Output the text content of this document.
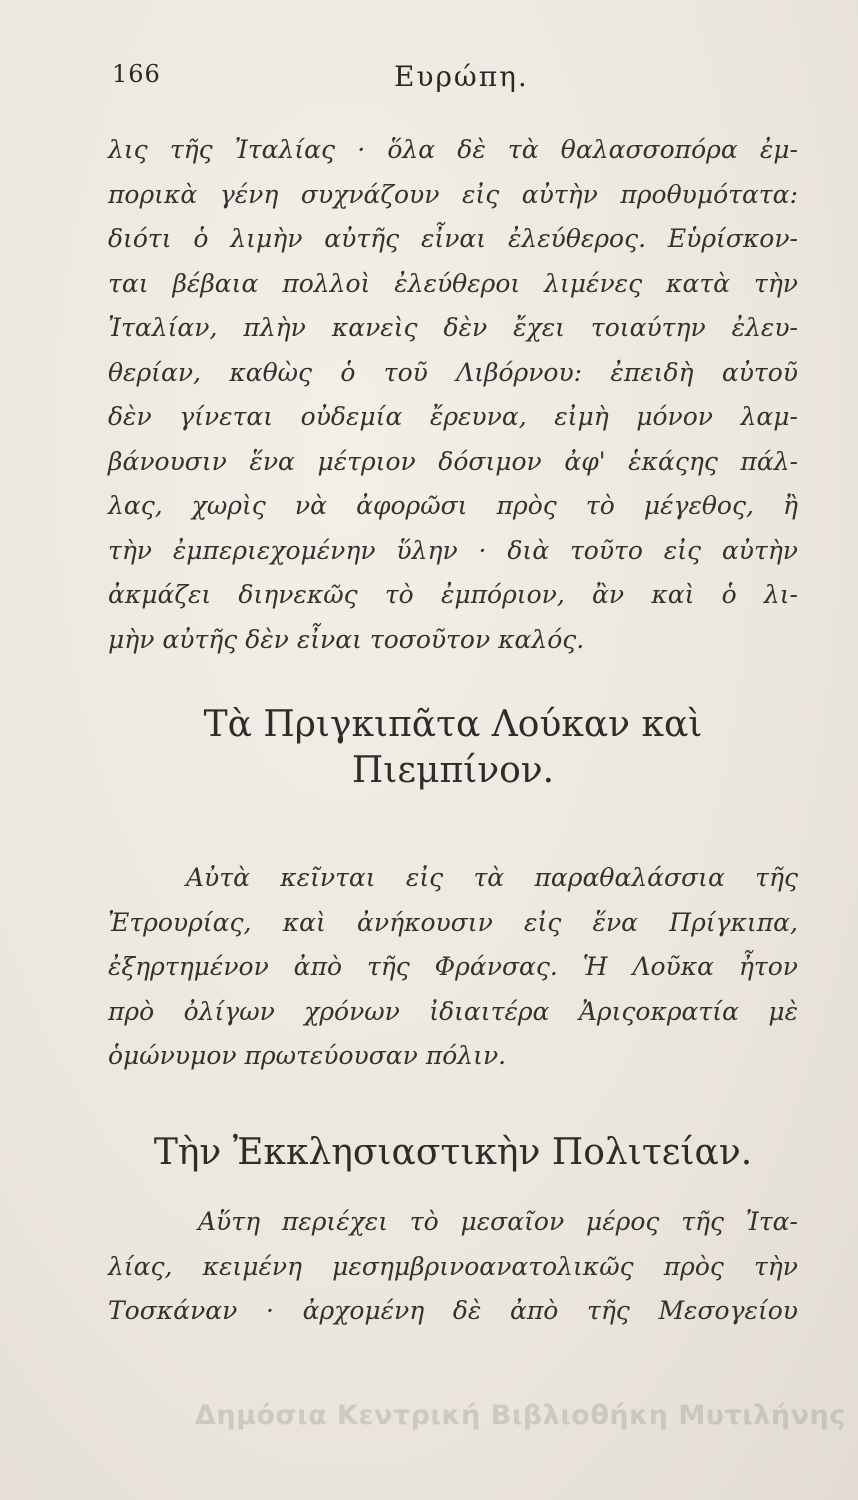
166	Ευρώπη.
λις τῆς Ἰταλίας · ὅλα δὲ τὰ θαλασσοπόρα ἐμ-
πορικὰ γένη συχνάζουν εἰς αὐτὴν προθυμότατα:
διότι ὁ λιμὴν αὐτῆς εἶναι ἐλεύθερος. Εὑρίσκον-
ται βέβαια πολλοὶ ἐλεύθεροι λιμένες κατὰ τὴν
Ἰταλίαν, πλὴν κανεὶς δὲν ἔχει τοιαύτην ἐλευ-
θερίαν, καθὼς ὁ τοῦ Λιβόρνου: ἐπειδὴ αὐτοῦ
δὲν γίνεται οὐδεμία ἔρευνα, εἰμὴ μόνον λαμ-
βάνουσιν ἕνα μέτριον δόσιμον ἀφ' ἑκάςης πάλ-
λας, χωρὶς νὰ ἀφορῶσι πρὸς τὸ μέγεθος, ἢ
τὴν ἐμπεριεχομένην ὕλην · διὰ τοῦτο εἰς αὐτὴν
ἀκμάζει διηνεκῶς τὸ ἐμπόριον, ἂν καὶ ὁ λι-
μὴν αὐτῆς δὲν εἶναι τοσοῦτον καλός.
Τὰ Πριγκιπᾶτα Λούκαν καὶ
Πιεμπίνον.
Αὐτὰ κεῖνται εἰς τὰ παραθαλάσσια τῆς
Ἐτρουρίας, καὶ ἀνήκουσιν εἰς ἕνα Πρίγκιπα,
ἐξηρτημένον ἀπὸ τῆς Φράνσας. Ἡ Λοῦκα ἦτον
πρὸ ὀλίγων χρόνων ἰδιαιτέρα Ἀριςοκρατία μὲ
ὁμώνυμον πρωτεύουσαν πόλιν.
Τὴν Ἐκκλησιαστικὴν Πολιτείαν.
Αὕτη περιέχει τὸ μεσαῖον μέρος τῆς Ἰτα-
λίας, κειμένη μεσημβρινοανατολικῶς πρὸς τὴν
Τοσκάναν · ἀρχομένη δὲ ἀπὸ τῆς Μεσογείου
Δημόσια Κεντρική Βιβλιοθήκη Μυτιλήνης
